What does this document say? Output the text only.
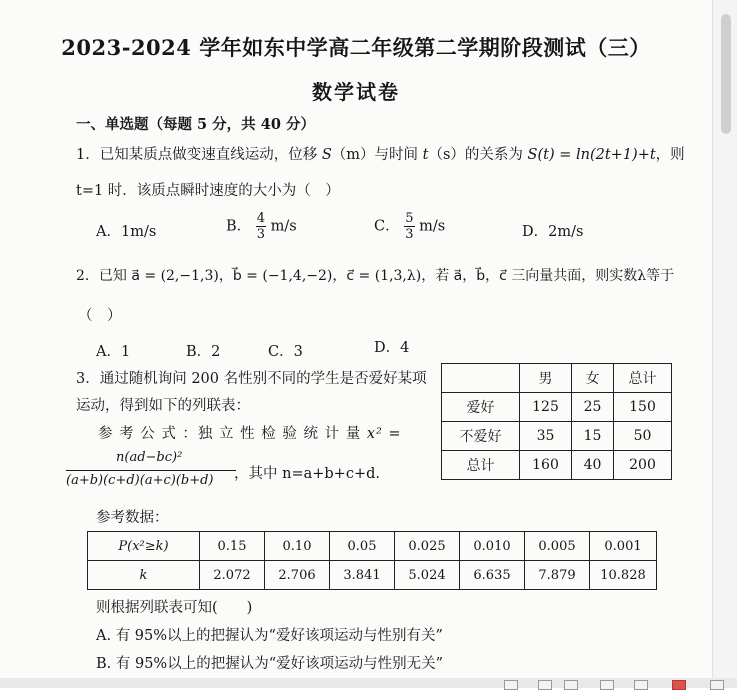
2023-2024 学年如东中学高二年级第二学期阶段测试（三）
数学试卷
一、单选题（每题 5 分，共 40 分）
1．已知某质点做变速直线运动，位移 S（m）与时间 t（s）的关系为 S(t) = ln(2t+1)+t，则
t=1 时．该质点瞬时速度的大小为（　）
A．1m/s	B． $\frac{4}{3} m/s$	C． $\frac{5}{3} m/s$	D．2m/s
2．已知 a⃗ = (2,−1,3)，b⃗ = (−1,4,−2)，c⃗ = (1,3,λ)，若 a⃗，b⃗，c⃗ 三向量共面，则实数λ等于
（　）
A．1	B．2	C．3	D．4
3．通过随机询问 200 名性别不同的学生是否爱好某项
运动，得到如下的列联表：
参 考 公 式 ：独 立 性 检 验 统 计 量 x² =
n(ad−bc)²
(a+b)(c+d)(a+c)(b+d) ，其中 n=a+b+c+d.
参考数据：
	男	女	总计
爱好	125	25	150
不爱好	35	15	50
总计	160	40	200
P(x²≥k)	0.15	0.10	0.05	0.025	0.010	0.005	0.001
k	2.072	2.706	3.841	5.024	6.635	7.879	10.828
则根据列联表可知(　　)
A. 有 95%以上的把握认为“爱好该项运动与性别有关”
B. 有 95%以上的把握认为“爱好该项运动与性别无关”
